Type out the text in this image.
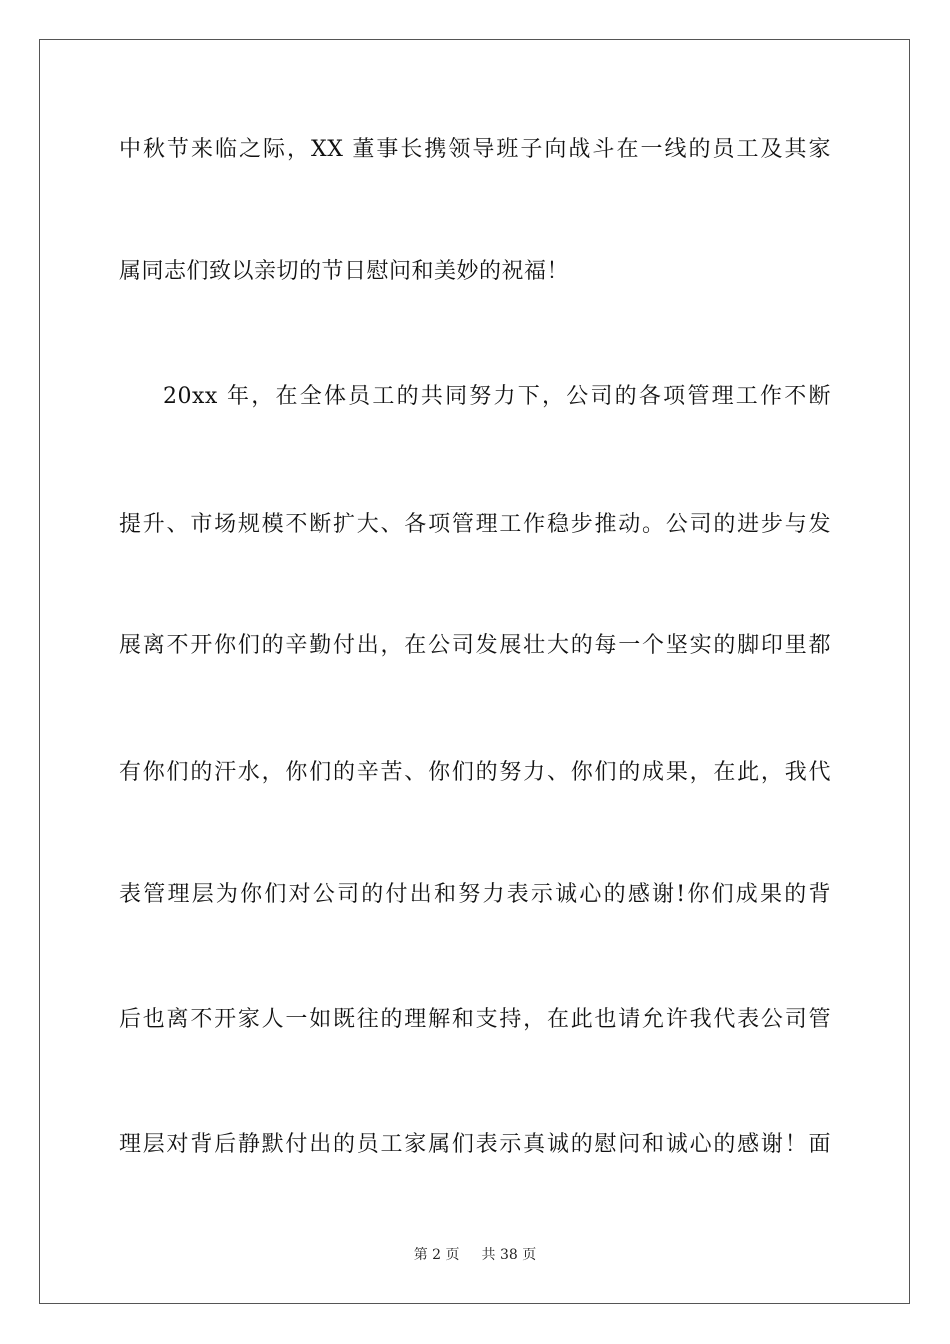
中秋节来临之际，XX 董事长携领导班子向战斗在一线的员工及其家
属同志们致以亲切的节日慰问和美妙的祝福！
20xx 年，在全体员工的共同努力下，公司的各项管理工作不断
提升、市场规模不断扩大、各项管理工作稳步推动。公司的进步与发
展离不开你们的辛勤付出，在公司发展壮大的每一个坚实的脚印里都
有你们的汗水，你们的辛苦、你们的努力、你们的成果，在此，我代
表管理层为你们对公司的付出和努力表示诚心的感谢!你们成果的背
后也离不开家人一如既往的理解和支持，在此也请允许我代表公司管
理层对背后静默付出的员工家属们表示真诚的慰问和诚心的感谢！面
第 2 页 共 38 页
